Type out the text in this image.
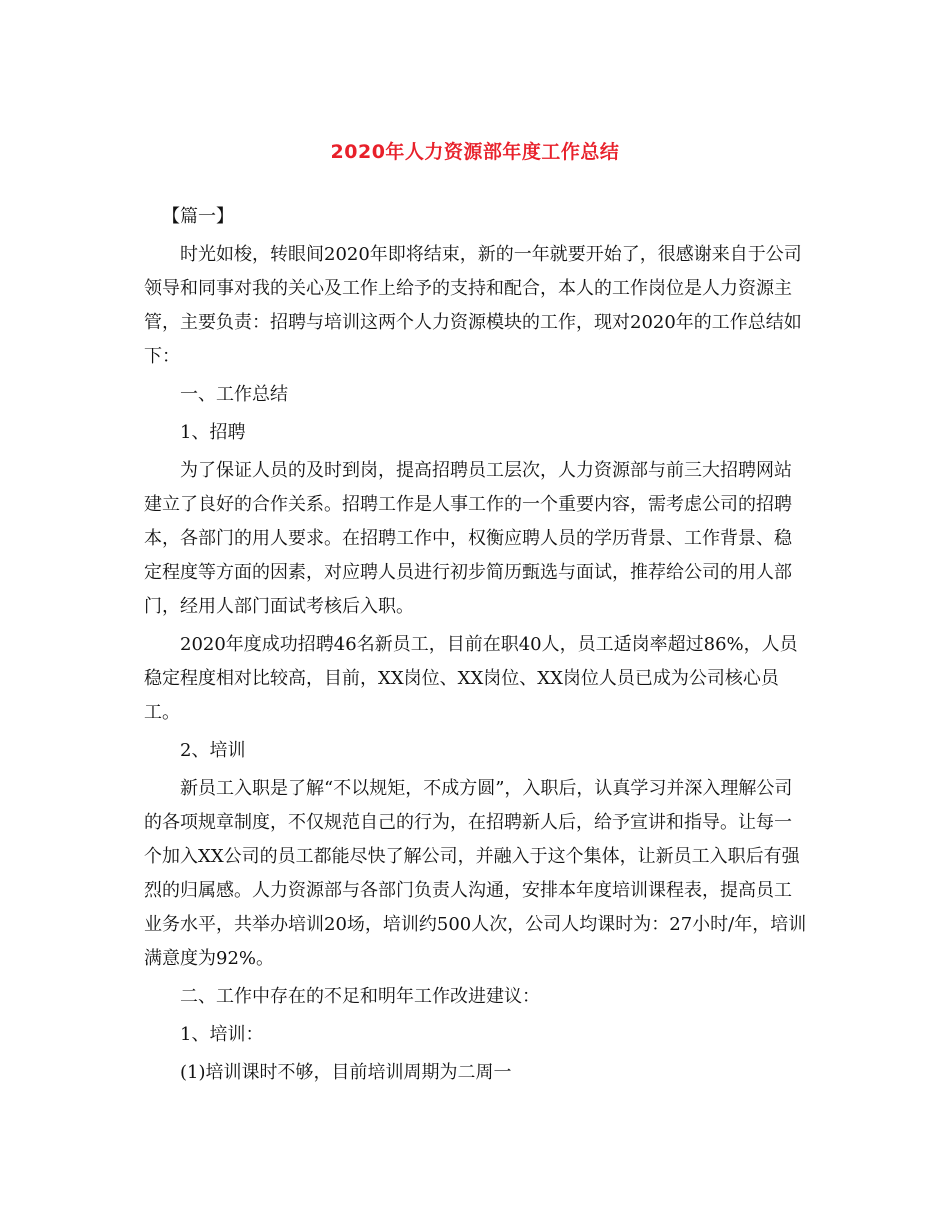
2020年人力资源部年度工作总结

【篇一】

时光如梭，转眼间2020年即将结束，新的一年就要开始了，很感谢来自于公司领导和同事对我的关心及工作上给予的支持和配合，本人的工作岗位是人力资源主管，主要负责：招聘与培训这两个人力资源模块的工作，现对2020年的工作总结如下：

一、工作总结

1、招聘

为了保证人员的及时到岗，提高招聘员工层次，人力资源部与前三大招聘网站建立了良好的合作关系。招聘工作是人事工作的一个重要内容，需考虑公司的招聘本，各部门的用人要求。在招聘工作中，权衡应聘人员的学历背景、工作背景、稳定程度等方面的因素，对应聘人员进行初步简历甄选与面试，推荐给公司的用人部门，经用人部门面试考核后入职。

2020年度成功招聘46名新员工，目前在职40人，员工适岗率超过86%，人员稳定程度相对比较高，目前，XX岗位、XX岗位、XX岗位人员已成为公司核心员工。

2、培训

新员工入职是了解“不以规矩，不成方圆”，入职后，认真学习并深入理解公司的各项规章制度，不仅规范自己的行为，在招聘新人后，给予宣讲和指导。让每一个加入XX公司的员工都能尽快了解公司，并融入于这个集体，让新员工入职后有强烈的归属感。人力资源部与各部门负责人沟通，安排本年度培训课程表，提高员工业务水平，共举办培训20场，培训约500人次，公司人均课时为：27小时/年，培训满意度为92%。

二、工作中存在的不足和明年工作改进建议：

1、培训：

(1)培训课时不够，目前培训周期为二周一
